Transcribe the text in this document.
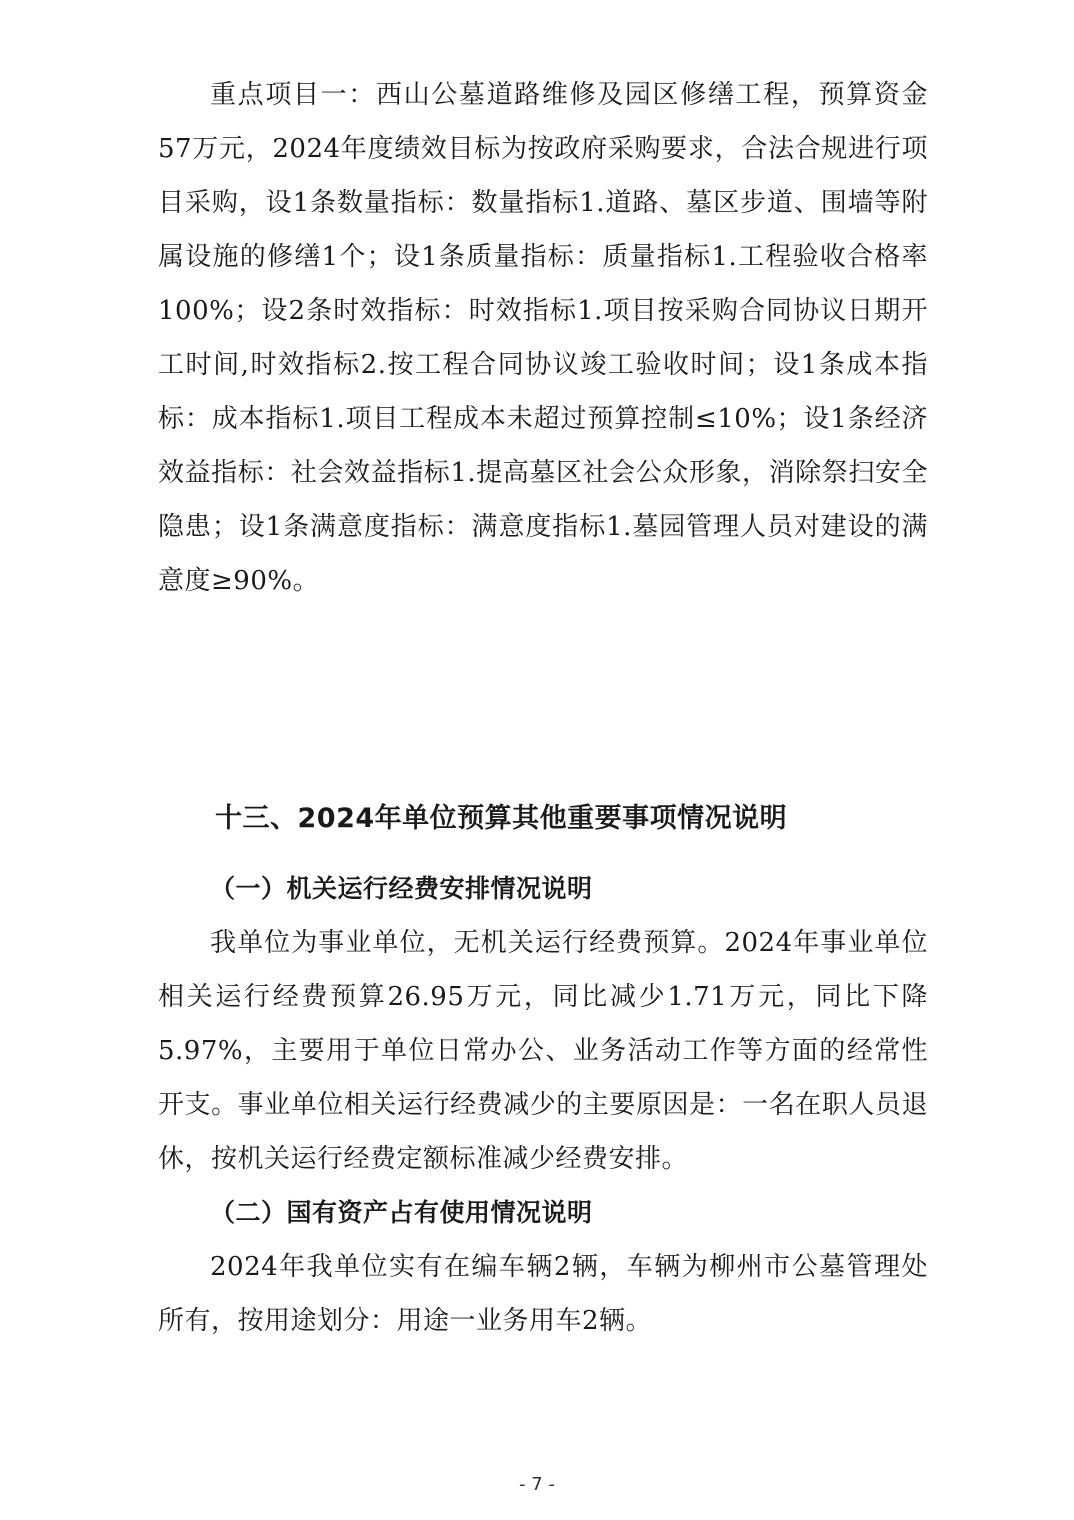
重点项目一：西山公墓道路维修及园区修缮工程，预算资金57万元，2024年度绩效目标为按政府采购要求，合法合规进行项目采购，设1条数量指标：数量指标1.道路、墓区步道、围墙等附属设施的修缮1个；设1条质量指标：质量指标1.工程验收合格率100%；设2条时效指标：时效指标1.项目按采购合同协议日期开工时间,时效指标2.按工程合同协议竣工验收时间；设1条成本指标：成本指标1.项目工程成本未超过预算控制≤10%；设1条经济效益指标：社会效益指标1.提高墓区社会公众形象，消除祭扫安全隐患；设1条满意度指标：满意度指标1.墓园管理人员对建设的满意度≥90%。

十三、2024年单位预算其他重要事项情况说明
（一）机关运行经费安排情况说明

我单位为事业单位，无机关运行经费预算。2024年事业单位相关运行经费预算26.95万元，同比减少1.71万元，同比下降5.97%，主要用于单位日常办公、业务活动工作等方面的经常性开支。事业单位相关运行经费减少的主要原因是：一名在职人员退休，按机关运行经费定额标准减少经费安排。

（二）国有资产占有使用情况说明

2024年我单位实有在编车辆2辆，车辆为柳州市公墓管理处所有，按用途划分：用途一业务用车2辆。

- 7 -
